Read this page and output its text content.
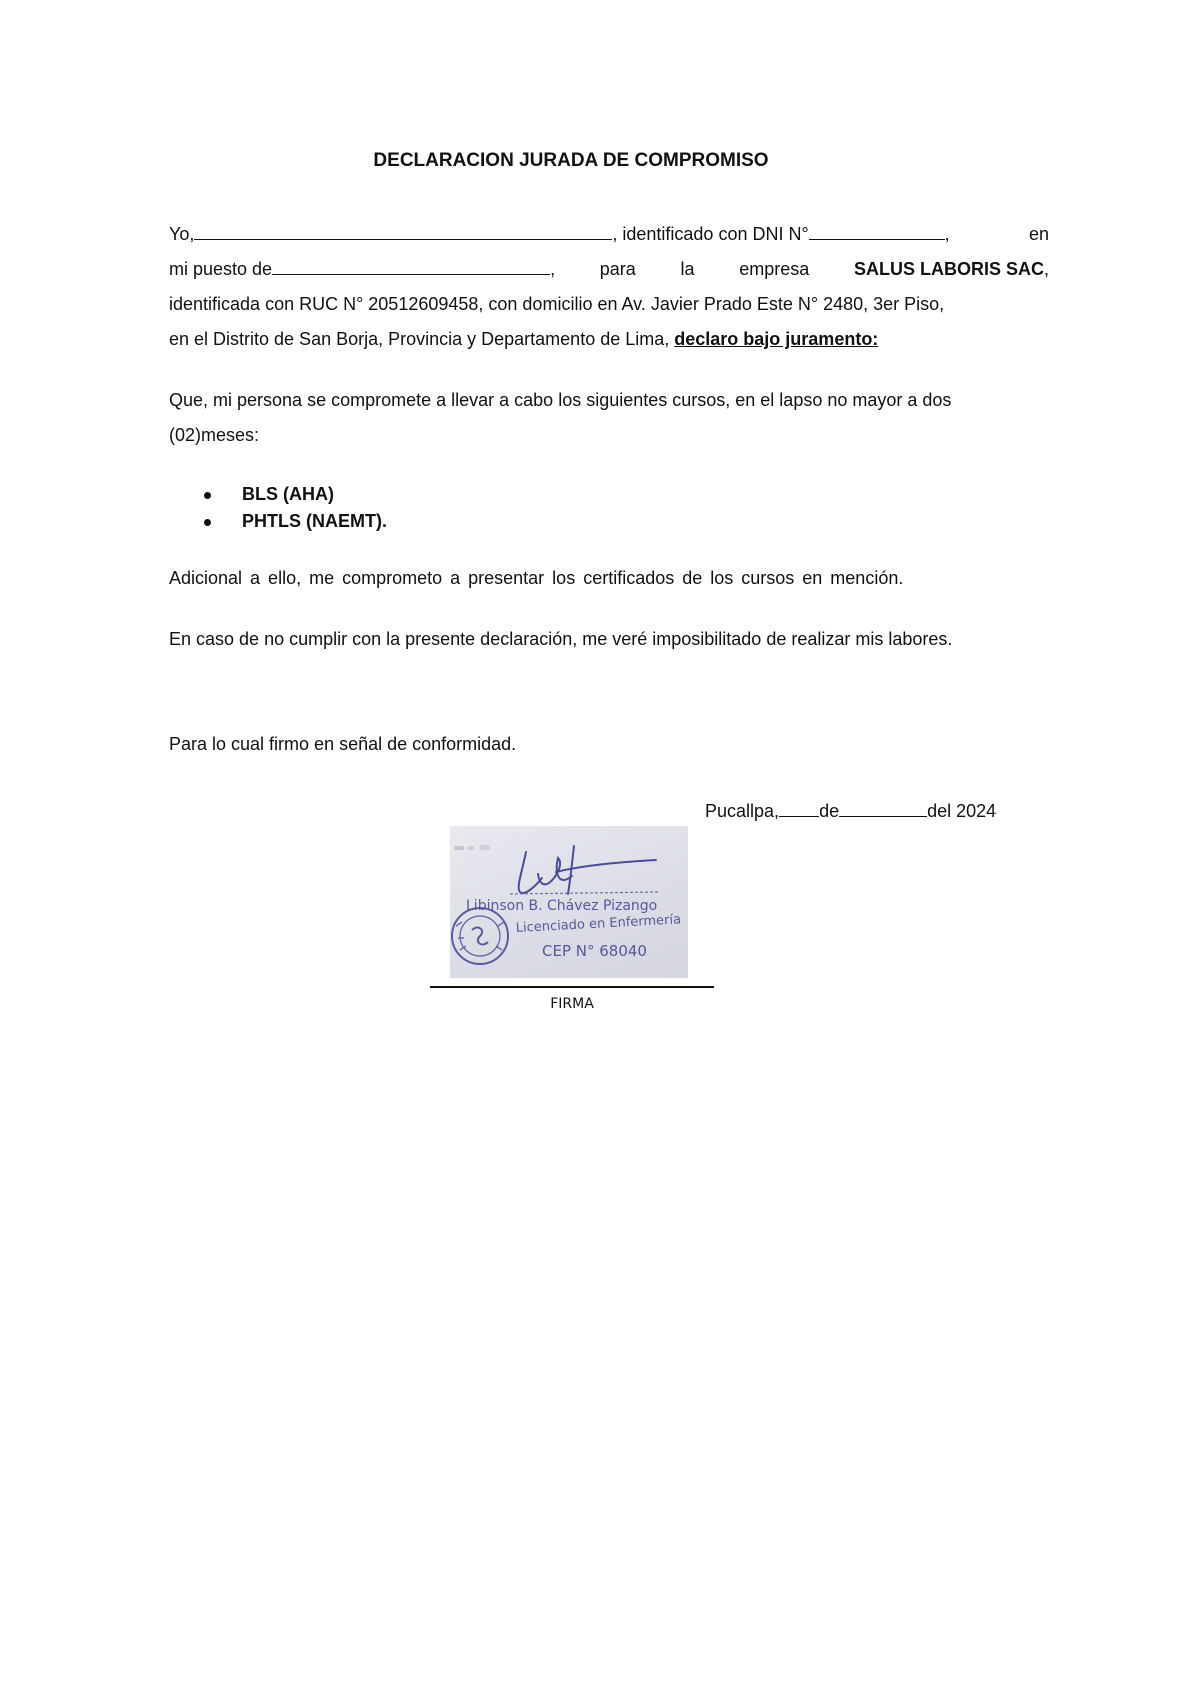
DECLARACION JURADA DE COMPROMISO
Yo,	, identificado con DNI N°	,	en
mi puesto de	, para la empresa SALUS LABORIS SAC,
identificada con RUC N° 20512609458, con domicilio en Av. Javier Prado Este N° 2480, 3er Piso,
en el Distrito de San Borja, Provincia y Departamento de Lima, declaro bajo juramento:
Que, mi persona se compromete a llevar a cabo los siguientes cursos, en el lapso no mayor a dos (02)meses:
BLS (AHA)
PHTLS (NAEMT).
Adicional a ello, me comprometo a presentar los certificados de los cursos en mención.
En caso de no cumplir con la presente declaración, me veré imposibilitado de realizar mis labores.
Para lo cual firmo en señal de conformidad.
Pucallpa, de	del 2024
Libinson B. Chávez Pizango
Licenciado en Enfermería
CEP N° 68040
FIRMA
